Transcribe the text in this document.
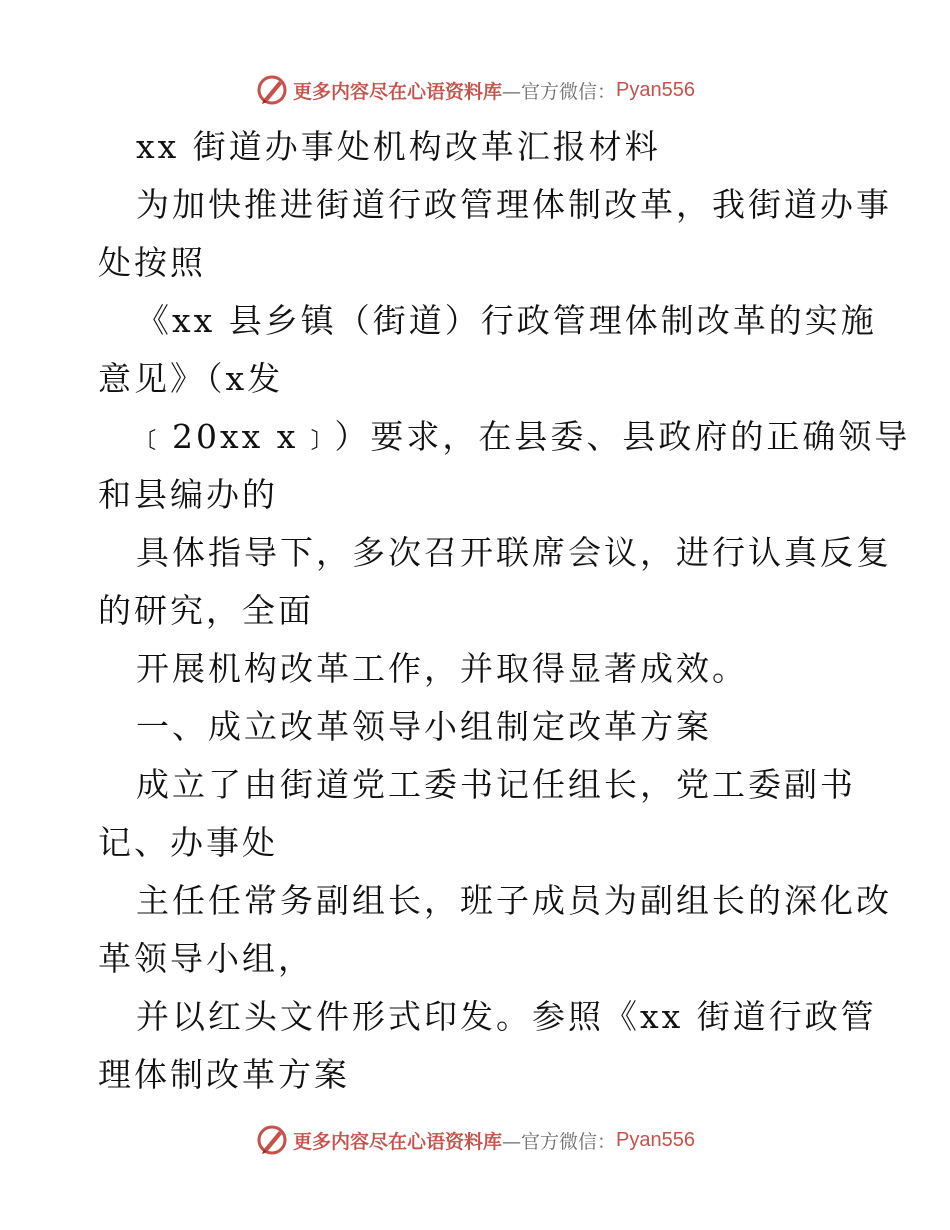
更多内容尽在心语资料库 —官方微信： Pyan556
xx 街道办事处机构改革汇报材料
为加快推进街道行政管理体制改革，我街道办事
处按照
《xx 县乡镇（街道）行政管理体制改革的实施
意见》（x发
﹝20xx x﹞）要求，在县委、县政府的正确领导
和县编办的
具体指导下，多次召开联席会议，进行认真反复
的研究，全面
开展机构改革工作，并取得显著成效。
一、成立改革领导小组制定改革方案
成立了由街道党工委书记任组长，党工委副书
记、办事处
主任任常务副组长，班子成员为副组长的深化改
革领导小组，
并以红头文件形式印发。参照《xx 街道行政管
理体制改革方案
更多内容尽在心语资料库 —官方微信： Pyan556
